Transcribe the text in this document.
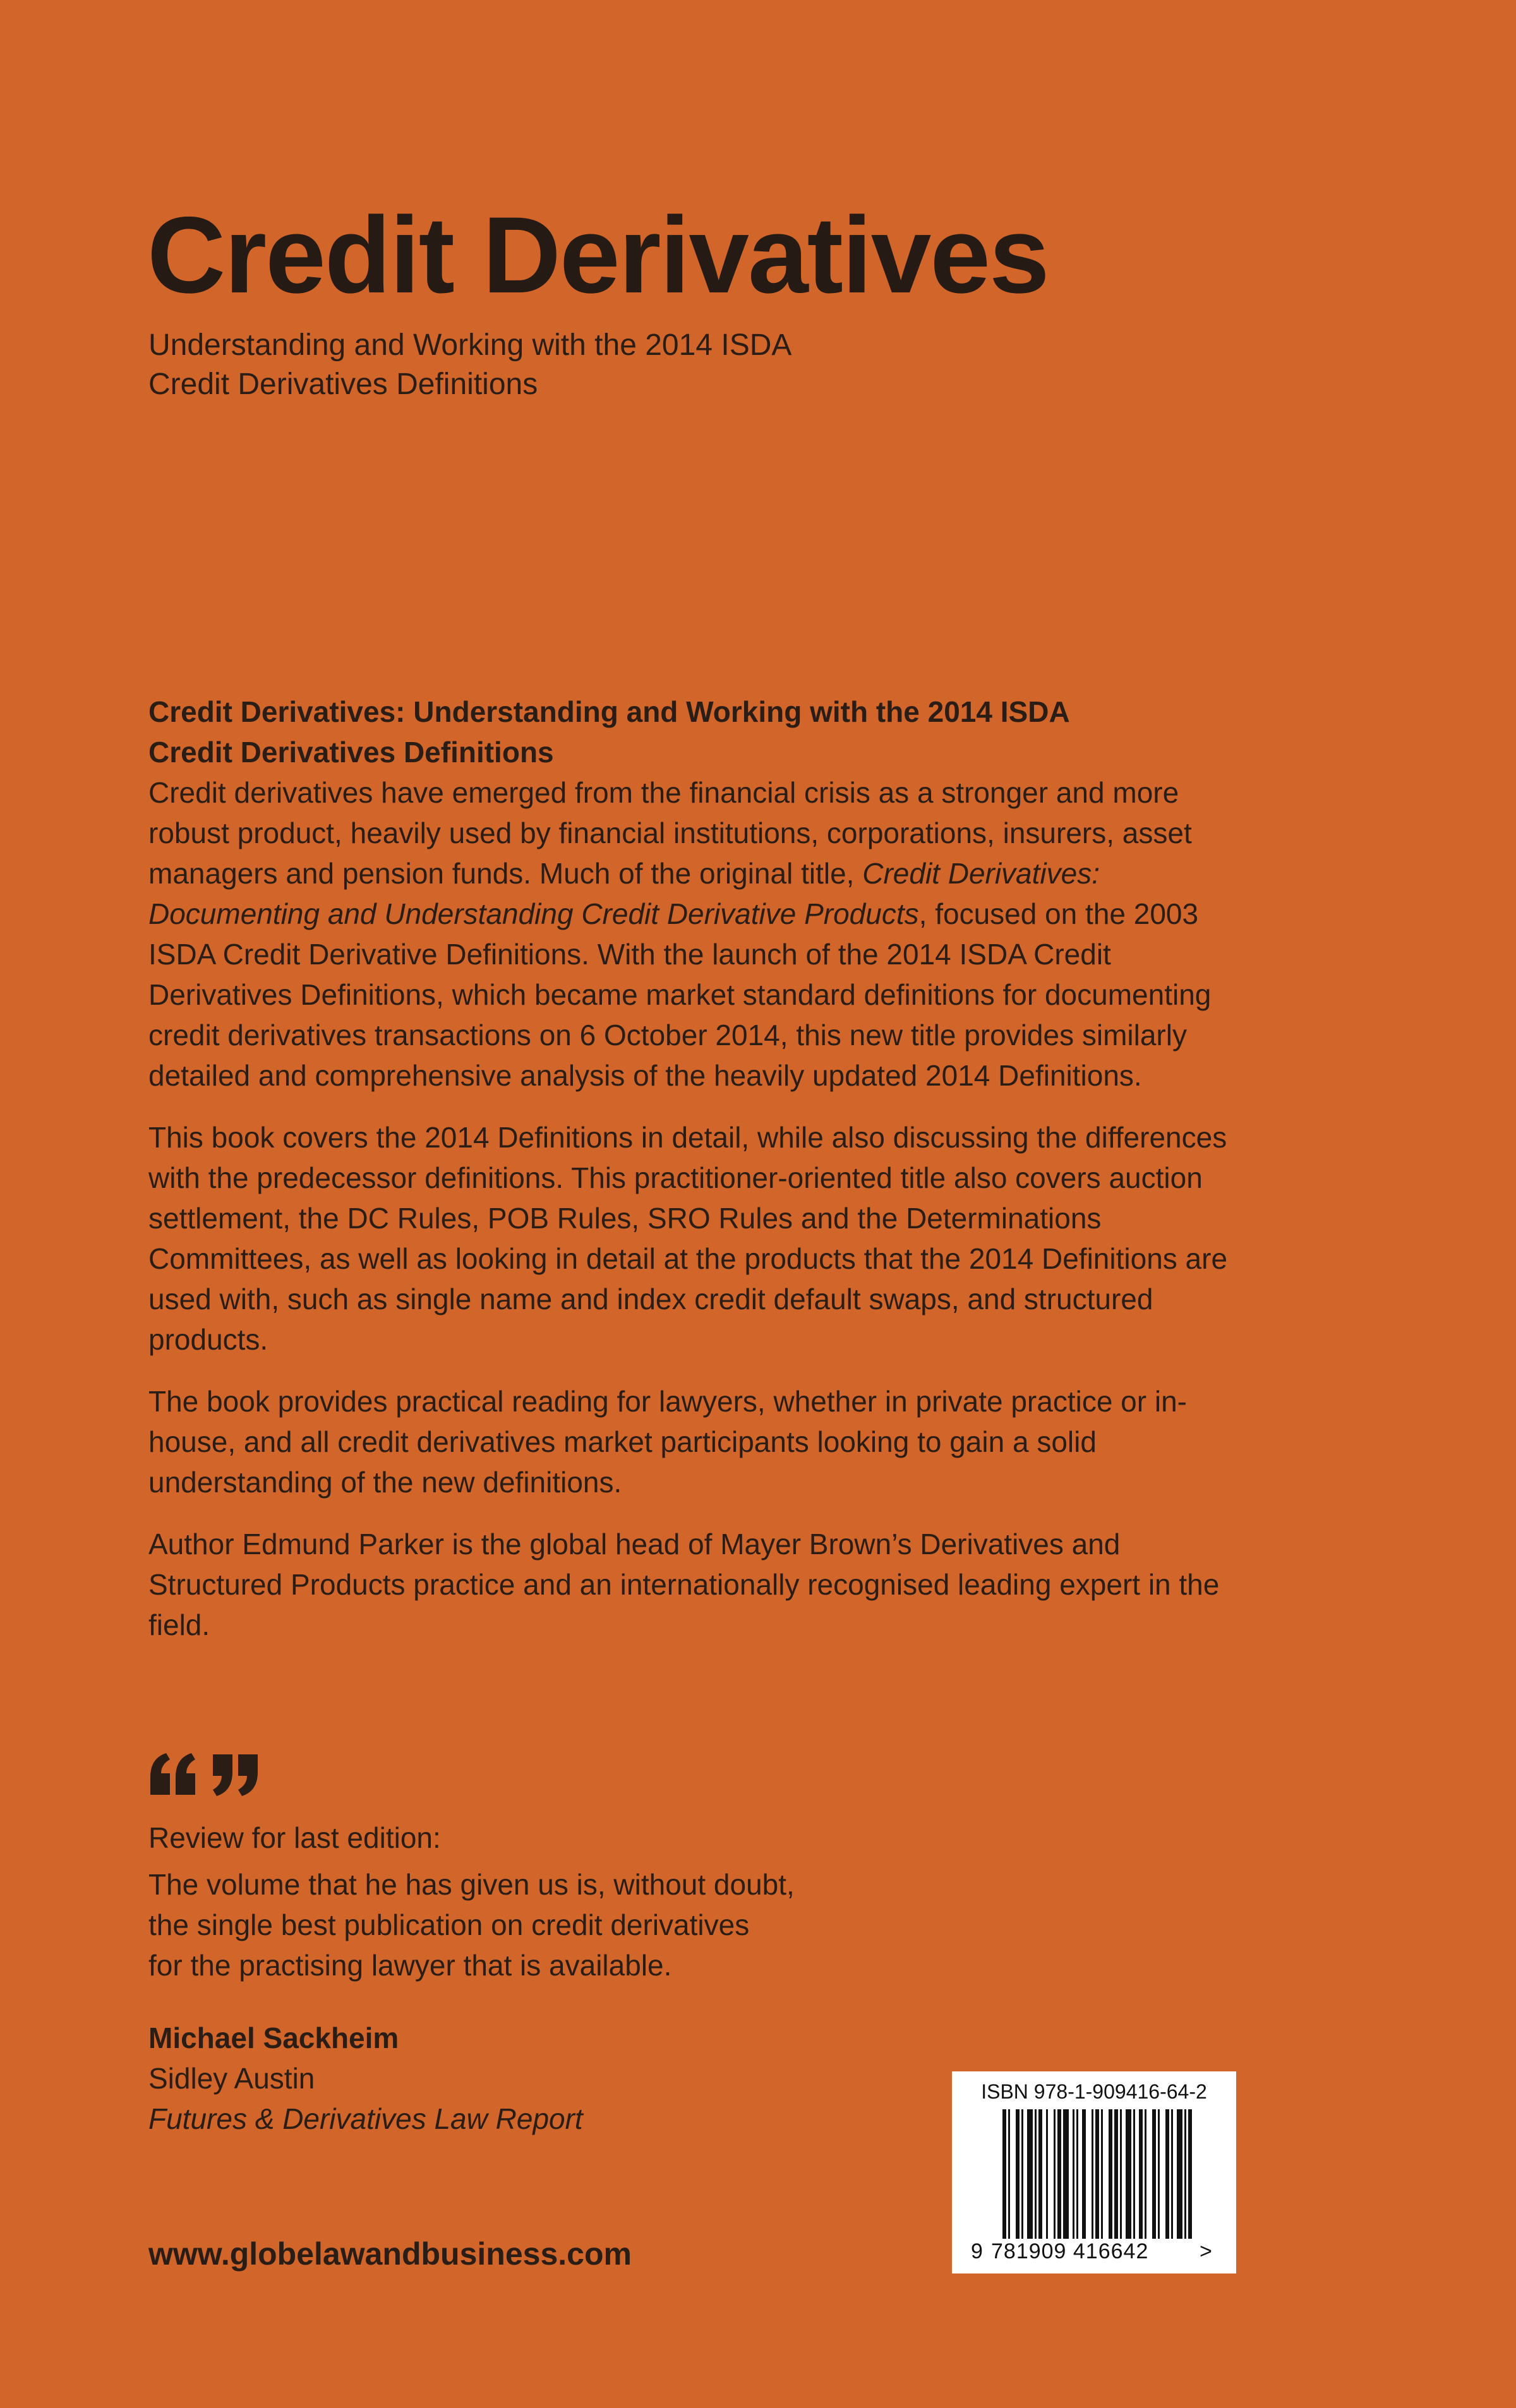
Credit Derivatives
Understanding and Working with the 2014 ISDA
Credit Derivatives Definitions
Credit Derivatives: Understanding and Working with the 2014 ISDA
Credit Derivatives Definitions

Credit derivatives have emerged from the financial crisis as a stronger and more robust product, heavily used by financial institutions, corporations, insurers, asset managers and pension funds. Much of the original title, Credit Derivatives: Documenting and Understanding Credit Derivative Products, focused on the 2003 ISDA Credit Derivative Definitions. With the launch of the 2014 ISDA Credit Derivatives Definitions, which became market standard definitions for documenting credit derivatives transactions on 6 October 2014, this new title provides similarly detailed and comprehensive analysis of the heavily updated 2014 Definitions.

This book covers the 2014 Definitions in detail, while also discussing the differences with the predecessor definitions. This practitioner-oriented title also covers auction settlement, the DC Rules, POB Rules, SRO Rules and the Determinations Committees, as well as looking in detail at the products that the 2014 Definitions are used with, such as single name and index credit default swaps, and structured products.

The book provides practical reading for lawyers, whether in private practice or in-house, and all credit derivatives market participants looking to gain a solid understanding of the new definitions.

Author Edmund Parker is the global head of Mayer Brown’s Derivatives and Structured Products practice and an internationally recognised leading expert in the field.

Review for last edition:
The volume that he has given us is, without doubt,
the single best publication on credit derivatives
for the practising lawyer that is available.
Michael Sackheim
Sidley Austin
Futures & Derivatives Law Report
www.globelawandbusiness.com
ISBN 978-1-909416-64-2
9 781909 416642 >
